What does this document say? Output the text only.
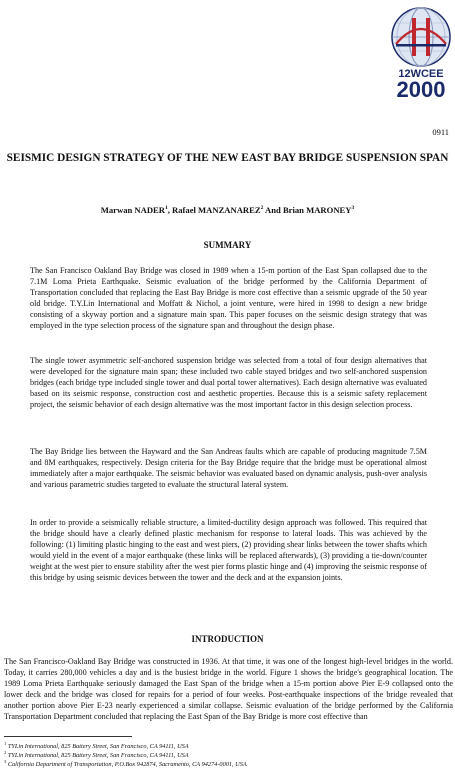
12WCEE
2000
0911
SEISMIC DESIGN STRATEGY OF THE NEW EAST BAY BRIDGE SUSPENSION SPAN
Marwan NADER$^1$, Rafael MANZANAREZ$^2$ And Brian MARONEY$^3$
SUMMARY
The San Francisco Oakland Bay Bridge was closed in 1989 when a 15-m portion of the East Span collapsed due to the 7.1M Loma Prieta Earthquake. Seismic evaluation of the bridge performed by the California Department of Transportation concluded that replacing the East Bay Bridge is more cost effective than a seismic upgrade of the 50 year old bridge. T.Y.Lin International and Moffatt & Nichol, a joint venture, were hired in 1998 to design a new bridge consisting of a skyway portion and a signature main span. This paper focuses on the seismic design strategy that was employed in the type selection process of the signature span and throughout the design phase.
The single tower asymmetric self-anchored suspension bridge was selected from a total of four design alternatives that were developed for the signature main span; these included two cable stayed bridges and two self-anchored suspension bridges (each bridge type included single tower and dual portal tower alternatives). Each design alternative was evaluated based on its seismic response, construction cost and aesthetic properties. Because this is a seismic safety replacement project, the seismic behavior of each design alternative was the most important factor in this design selection process.
The Bay Bridge lies between the Hayward and the San Andreas faults which are capable of producing magnitude 7.5M and 8M earthquakes, respectively. Design criteria for the Bay Bridge require that the bridge must be operational almost immediately after a major earthquake. The seismic behavior was evaluated based on dynamic analysis, push-over analysis and various parametric studies targeted to evaluate the structural lateral system.
In order to provide a seismically reliable structure, a limited-ductility design approach was followed. This required that the bridge should have a clearly defined plastic mechanism for response to lateral loads. This was achieved by the following: (1) limiting plastic hinging to the east and west piers, (2) providing shear links between the tower shafts which would yield in the event of a major earthquake (these links will be replaced afterwards), (3) providing a tie-down/counter weight at the west pier to ensure stability after the west pier forms plastic hinge and (4) improving the seismic response of this bridge by using seismic devices between the tower and the deck and at the expansion joints.
INTRODUCTION
The San Francisco-Oakland Bay Bridge was constructed in 1936. At that time, it was one of the longest high-level bridges in the world. Today, it carries 280,000 vehicles a day and is the busiest bridge in the world. Figure 1 shows the bridge's geographical location. The 1989 Loma Prieta Earthquake seriously damaged the East Span of the bridge when a 15-m portion above Pier E-9 collapsed onto the lower deck and the bridge was closed for repairs for a period of four weeks. Post-earthquake inspections of the bridge revealed that another portion above Pier E-23 nearly experienced a similar collapse. Seismic evaluation of the bridge performed by the California Transportation Department concluded that replacing the East Span of the Bay Bridge is more cost effective than
$^1$ TYLin International, 825 Battery Street, San Francisco, CA 94111, USA
$^2$ TYLin International, 825 Battery Street, San Francisco, CA 94111, USA
$^3$ California Department of Transportation, P.O.Box 942874, Sacramento, CA 94274-0001, USA
